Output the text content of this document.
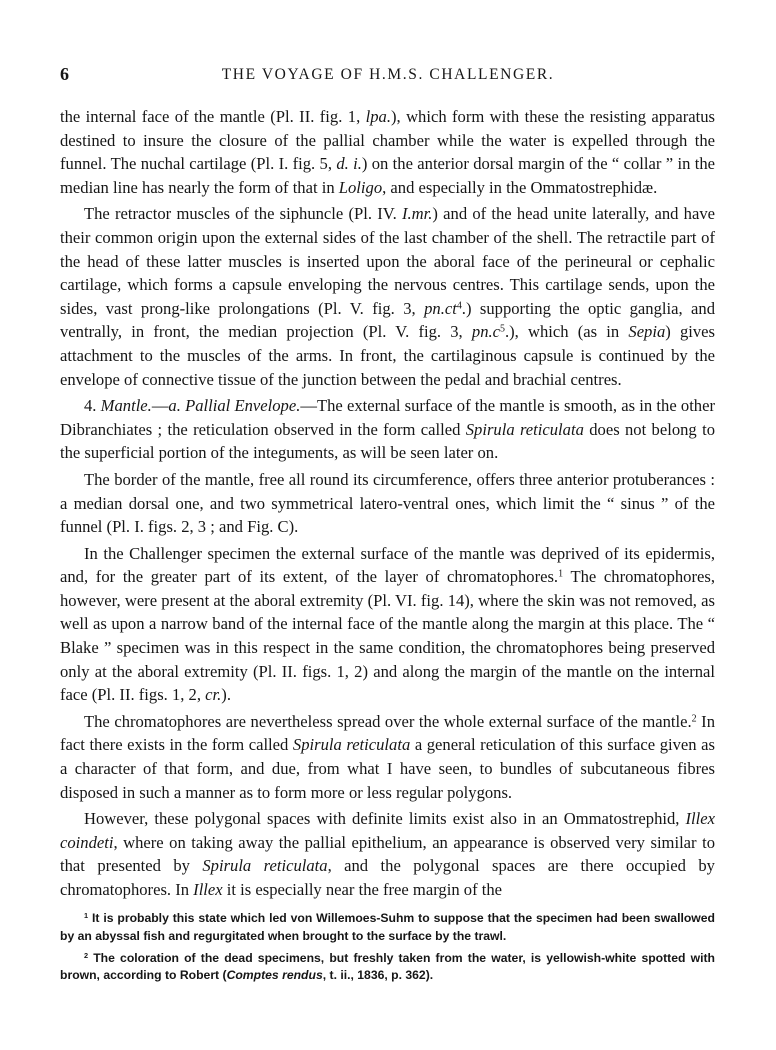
6	THE VOYAGE OF H.M.S. CHALLENGER.

the internal face of the mantle (Pl. II. fig. 1, lpa.), which form with these the resisting apparatus destined to insure the closure of the pallial chamber while the water is expelled through the funnel. The nuchal cartilage (Pl. I. fig. 5, d. i.) on the anterior dorsal margin of the “ collar ” in the median line has nearly the form of that in Loligo, and especially in the Ommatostrephidæ.

The retractor muscles of the siphuncle (Pl. IV. I.mr.) and of the head unite laterally, and have their common origin upon the external sides of the last chamber of the shell. The retractile part of the head of these latter muscles is inserted upon the aboral face of the perineural or cephalic cartilage, which forms a capsule enveloping the nervous centres. This cartilage sends, upon the sides, vast prong-like prolongations (Pl. V. fig. 3, $pn.ct^4$.) supporting the optic ganglia, and ventrally, in front, the median projection (Pl. V. fig. 3, $pn.c^5$.), which (as in Sepia) gives attachment to the muscles of the arms. In front, the cartilaginous capsule is continued by the envelope of connective tissue of the junction between the pedal and brachial centres.

4. Mantle.—a. Pallial Envelope.—The external surface of the mantle is smooth, as in the other Dibranchiates ; the reticulation observed in the form called Spirula reticulata does not belong to the superficial portion of the integuments, as will be seen later on.

The border of the mantle, free all round its circumference, offers three anterior protuberances : a median dorsal one, and two symmetrical latero-ventral ones, which limit the “ sinus ” of the funnel (Pl. I. figs. 2, 3 ; and Fig. C).

In the Challenger specimen the external surface of the mantle was deprived of its epidermis, and, for the greater part of its extent, of the layer of chromatophores.$^1$ The chromatophores, however, were present at the aboral extremity (Pl. VI. fig. 14), where the skin was not removed, as well as upon a narrow band of the internal face of the mantle along the margin at this place. The “ Blake ” specimen was in this respect in the same condition, the chromatophores being preserved only at the aboral extremity (Pl. II. figs. 1, 2) and along the margin of the mantle on the internal face (Pl. II. figs. 1, 2, cr.).

The chromatophores are nevertheless spread over the whole external surface of the mantle.$^2$ In fact there exists in the form called Spirula reticulata a general reticulation of this surface given as a character of that form, and due, from what I have seen, to bundles of subcutaneous fibres disposed in such a manner as to form more or less regular polygons.

However, these polygonal spaces with definite limits exist also in an Ommatostrephid, Illex coindeti, where on taking away the pallial epithelium, an appearance is observed very similar to that presented by Spirula reticulata, and the polygonal spaces are there occupied by chromatophores. In Illex it is especially near the free margin of the

$^1$ It is probably this state which led von Willemoes-Suhm to suppose that the specimen had been swallowed by an abyssal fish and regurgitated when brought to the surface by the trawl.

$^2$ The coloration of the dead specimens, but freshly taken from the water, is yellowish-white spotted with brown, according to Robert (Comptes rendus, t. ii., 1836, p. 362).
